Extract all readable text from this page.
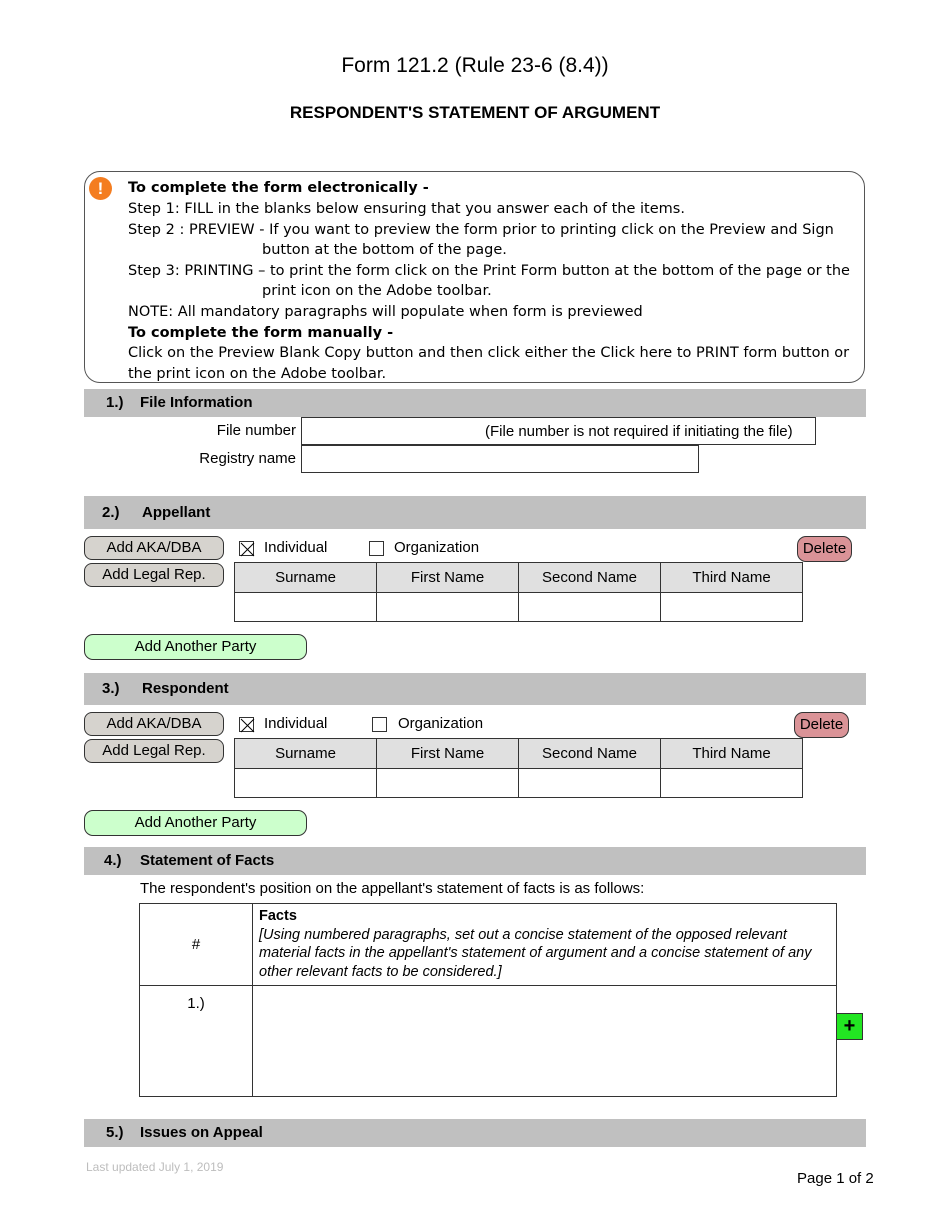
Form 121.2 (Rule 23-6 (8.4))
RESPONDENT'S STATEMENT OF ARGUMENT
!	To complete the form electronically -
Step 1: FILL in the blanks below ensuring that you answer each of the items.
Step 2 : PREVIEW - If you want to preview the form prior to printing click on the Preview and Sign
button at the bottom of the page.
Step 3: PRINTING – to print the form click on the Print Form button at the bottom of the page or the
print icon on the Adobe toolbar.
NOTE: All mandatory paragraphs will populate when form is previewed
To complete the form manually -
Click on the Preview Blank Copy button and then click either the Click here to PRINT form button or
the print icon on the Adobe toolbar.
1.) File Information
File number	(File number is not required if initiating the file)
Registry name
2.) Appellant
Add AKA/DBA
Add Legal Rep.
Individual	Organization	Delete
Surname	First Name	Second Name	Third Name

Add Another Party
3.) Respondent
Add AKA/DBA
Add Legal Rep.
Individual	Organization	Delete
Surname	First Name	Second Name	Third Name

Add Another Party
4.) Statement of Facts
The respondent's position on the appellant's statement of facts is as follows:
#	Facts
[Using numbered paragraphs, set out a concise statement of the opposed relevant material facts in the appellant's statement of argument and a concise statement of any other relevant facts to be considered.]

1.)	
+
5.) Issues on Appeal
Last updated July 1, 2019
Page 1 of 2
